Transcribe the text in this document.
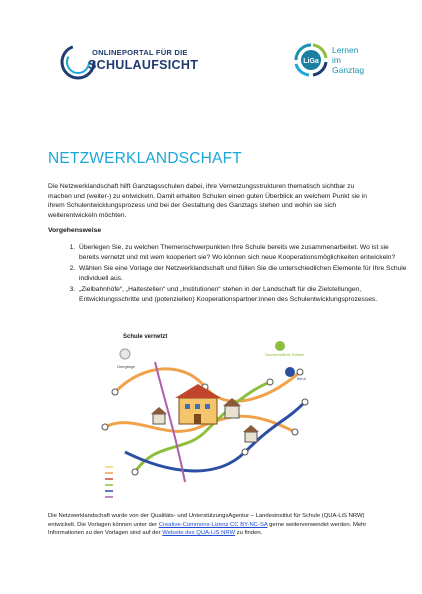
ONLINEPORTAL FÜR DIE
SCHULAUFSICHT	LiGa
Lernen
im
Ganztag
NETZWERKLANDSCHAFT

Die Netzwerklandschaft hilft Ganztagsschulen dabei, ihre Vernetzungsstrukturen thematisch sichtbar zu machen und (weiter-) zu entwickeln. Damit erhalten Schulen einen guten Überblick an welchem Punkt sie in ihrem Schulentwicklungsprozess und bei der Gestaltung des Ganztags stehen und wohin sie sich weiterentwickeln möchten.

Vorgehensweise
1. Überlegen Sie, zu welchen Themenschwerpunkten Ihre Schule bereits wie zusammenarbeitet. Wo ist sie bereits vernetzt und mit wem kooperiert sie? Wo können sich neue Kooperationsmöglichkeiten entwickeln?
2. Wählen Sie eine Vorlage der Netzwerklandschaft und füllen Sie die unterschiedlichen Elemente für Ihre Schule individuell aus.
3. „Zielbahnhöfe“, „Haltestellen“ und „Institutionen“ stehen in der Landschaft für die Zielstellungen, Entwicklungsschritte und (potenziellen) Kooperationspartner:innen des Schulentwicklungsprozesses.
Übergänge
Gesellschaftliche Teilhabe
Beruf
Schule vernetzt
Die Netzwerklandschaft wurde von der Qualitäts- und UnterstützungsAgentur – Landesinstitut für Schule (QUA-LiS NRW) entwickelt. Die Vorlagen können unter der Creative-Commons-Lizenz CC BY-NC-SA gerne weiterverwendet werden. Mehr Informationen zu den Vorlagen sind auf der Website des QUA-LiS NRW zu finden.
